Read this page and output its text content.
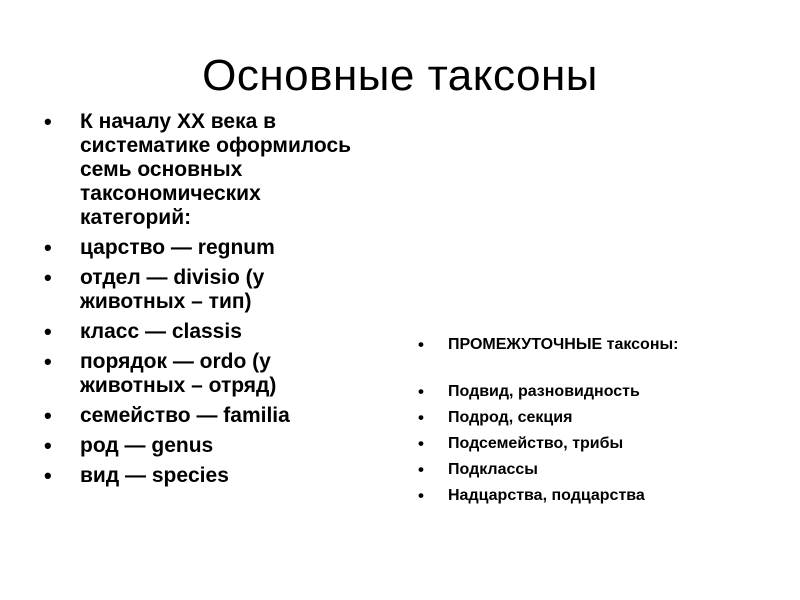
Основные таксоны
•	К началу XX века в систематике оформилось семь основных таксономических категорий:
•	царство — regnum
•	отдел — divisio (у животных – тип)
•	класс — classis
•	порядок — ordo (у животных – отряд)
•	семейство — familia
•	род — genus
•	вид — species
• ПРОМЕЖУТОЧНЫЕ таксоны:
• Подвид, разновидность
• Подрод, секция
• Подсемейство, трибы
• Подклассы
• Надцарства, подцарства
